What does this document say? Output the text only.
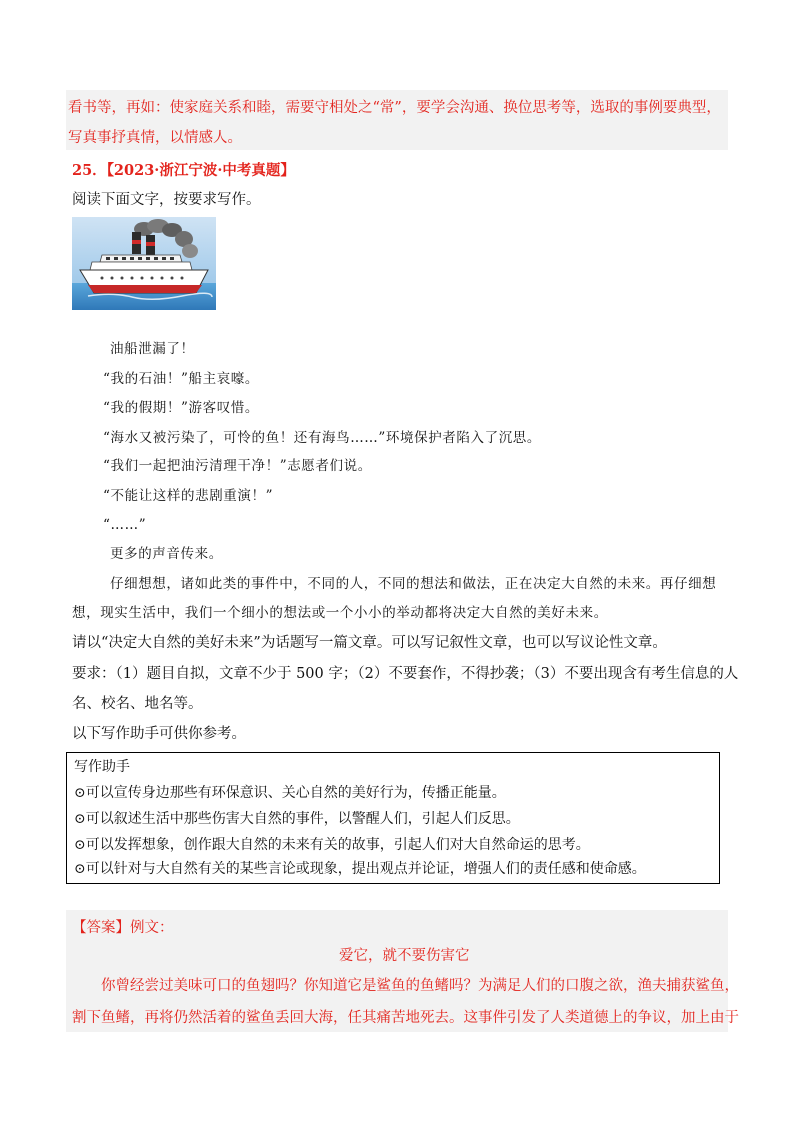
看书等，再如：使家庭关系和睦，需要守相处之“常”，要学会沟通、换位思考等，选取的事例要典型，
写真事抒真情，以情感人。
25．【2023·浙江宁波·中考真题】
阅读下面文字，按要求写作。
油船泄漏了！
“我的石油！”船主哀嚎。
“我的假期！”游客叹惜。
“海水又被污染了，可怜的鱼！还有海鸟……”环境保护者陷入了沉思。
“我们一起把油污清理干净！”志愿者们说。
“不能让这样的悲剧重演！”
“……”
更多的声音传来。
仔细想想，诸如此类的事件中，不同的人，不同的想法和做法，正在决定大自然的未来。再仔细想
想，现实生活中，我们一个细小的想法或一个小小的举动都将决定大自然的美好未来。
请以“决定大自然的美好未来”为话题写一篇文章。可以写记叙性文章，也可以写议论性文章。
要求：（1）题目自拟，文章不少于 500 字；（2）不要套作，不得抄袭；（3）不要出现含有考生信息的人
名、校名、地名等。
以下写作助手可供你参考。
写作助手
⊙可以宣传身边那些有环保意识、关心自然的美好行为，传播正能量。
⊙可以叙述生活中那些伤害大自然的事件，以警醒人们，引起人们反思。
⊙可以发挥想象，创作跟大自然的未来有关的故事，引起人们对大自然命运的思考。
⊙可以针对与大自然有关的某些言论或现象，提出观点并论证，增强人们的责任感和使命感。
【答案】例文：
爱它，就不要伤害它
你曾经尝过美味可口的鱼翅吗？你知道它是鲨鱼的鱼鳍吗？为满足人们的口腹之欲，渔夫捕获鲨鱼，
割下鱼鳍，再将仍然活着的鲨鱼丢回大海，任其痛苦地死去。这事件引发了人类道德上的争议，加上由于
